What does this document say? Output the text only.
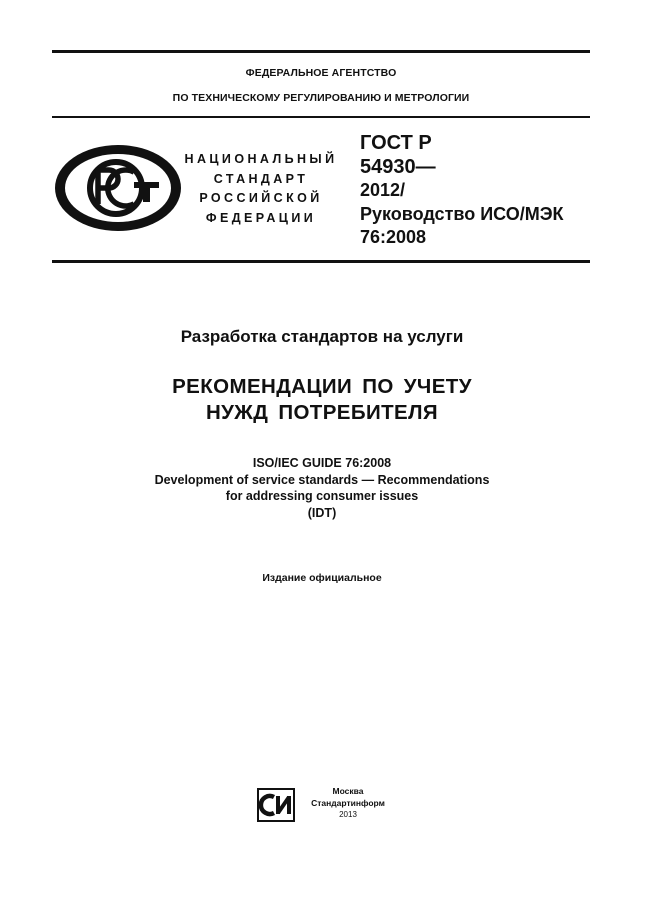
ФЕДЕРАЛЬНОЕ АГЕНТСТВО
ПО ТЕХНИЧЕСКОМУ РЕГУЛИРОВАНИЮ И МЕТРОЛОГИИ
НАЦИОНАЛЬНЫЙ
СТАНДАРТ
РОССИЙСКОЙ
ФЕДЕРАЦИИ
ГОСТ Р
54930—
2012/
Руководство ИСО/МЭК
76:2008
Разработка стандартов на услуги
РЕКОМЕНДАЦИИ ПО УЧЕТУ
НУЖД ПОТРЕБИТЕЛЯ
ISO/IEC GUIDE 76:2008
Development of service standards — Recommendations
for addressing consumer issues
(IDT)
Издание официальное
Москва
Стандартинформ
2013
